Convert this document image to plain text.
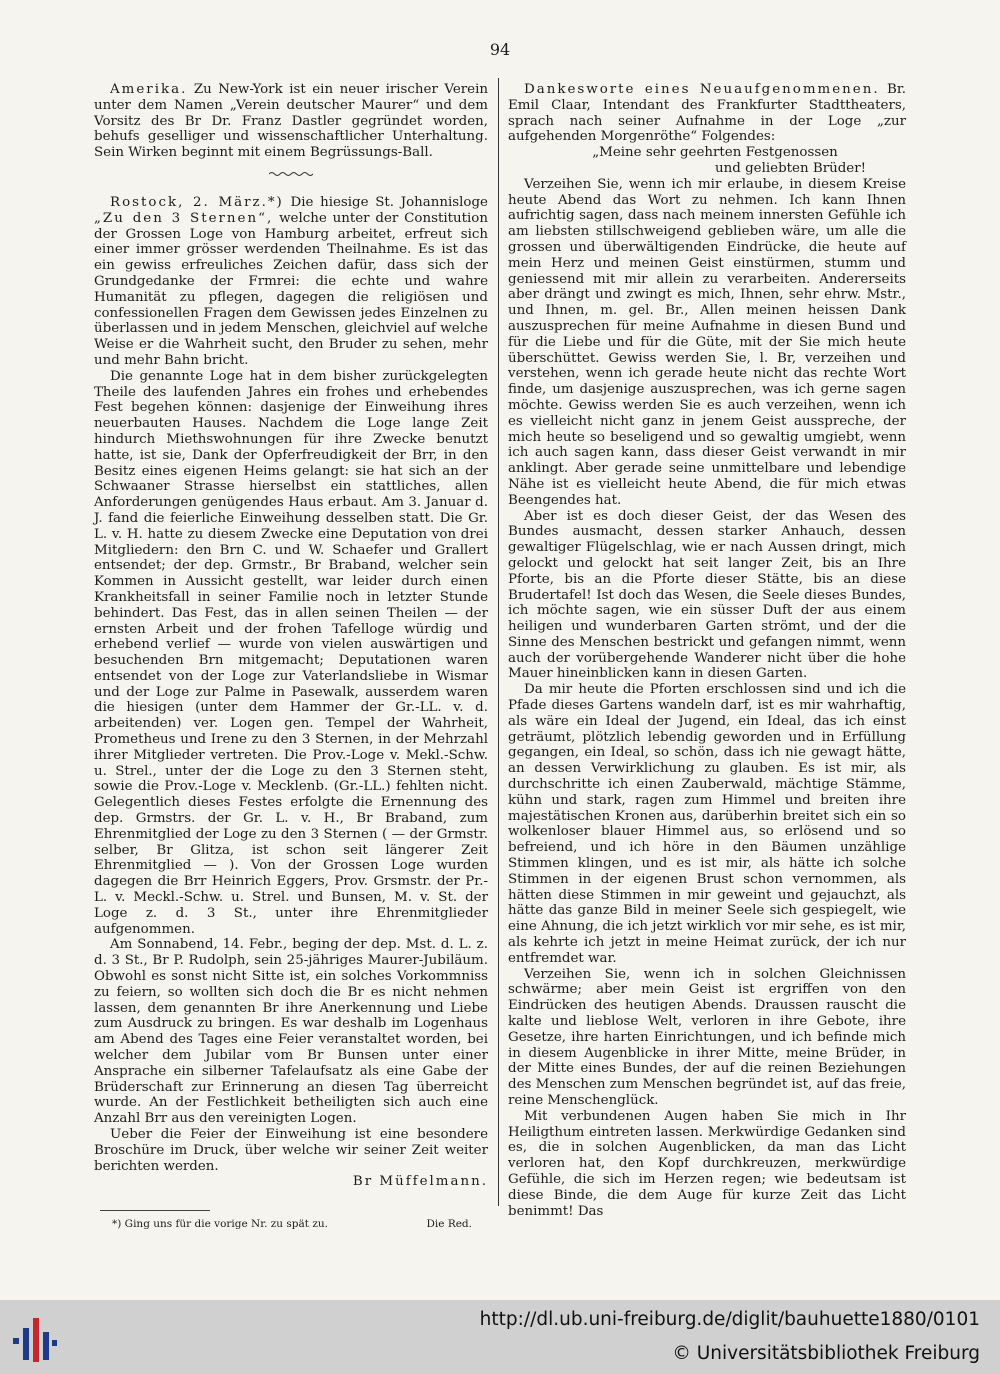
94

Amerika. Zu New-York ist ein neuer irischer Verein unter dem Namen „Verein deutscher Maurer“ und dem Vorsitz des Br Dr. Franz Dastler gegründet worden, behufs geselliger und wissenschaftlicher Unterhaltung. Sein Wirken beginnt mit einem Begrüssungs-Ball.

Rostock, 2. März.*) Die hiesige St. Johannisloge „Zu den 3 Sternen“, welche unter der Constitution der Grossen Loge von Hamburg arbeitet, erfreut sich einer immer grösser werdenden Theilnahme. Es ist das ein gewiss erfreuliches Zeichen dafür, dass sich der Grundgedanke der Frmrei: die echte und wahre Humanität zu pflegen, dagegen die religiösen und confessionellen Fragen dem Gewissen jedes Einzelnen zu überlassen und in jedem Menschen, gleichviel auf welche Weise er die Wahrheit sucht, den Bruder zu sehen, mehr und mehr Bahn bricht.

Die genannte Loge hat in dem bisher zurückgelegten Theile des laufenden Jahres ein frohes und erhebendes Fest begehen können: dasjenige der Einweihung ihres neuerbauten Hauses. Nachdem die Loge lange Zeit hindurch Miethswohnungen für ihre Zwecke benutzt hatte, ist sie, Dank der Opferfreudigkeit der Brr, in den Besitz eines eigenen Heims gelangt: sie hat sich an der Schwaaner Strasse hierselbst ein stattliches, allen Anforderungen genügendes Haus erbaut. Am 3. Januar d. J. fand die feierliche Einweihung desselben statt. Die Gr. L. v. H. hatte zu diesem Zwecke eine Deputation von drei Mitgliedern: den Brn C. und W. Schaefer und Grallert entsendet; der dep. Grmstr., Br Braband, welcher sein Kommen in Aussicht gestellt, war leider durch einen Krankheitsfall in seiner Familie noch in letzter Stunde behindert. Das Fest, das in allen seinen Theilen — der ernsten Arbeit und der frohen Tafelloge würdig und erhebend verlief — wurde von vielen auswärtigen und besuchenden Brn mitgemacht; Deputationen waren entsendet von der Loge zur Vaterlandsliebe in Wismar und der Loge zur Palme in Pasewalk, ausserdem waren die hiesigen (unter dem Hammer der Gr.-LL. v. d. arbeitenden) ver. Logen gen. Tempel der Wahrheit, Prometheus und Irene zu den 3 Sternen, in der Mehrzahl ihrer Mitglieder vertreten. Die Prov.-Loge v. Mekl.-Schw. u. Strel., unter der die Loge zu den 3 Sternen steht, sowie die Prov.-Loge v. Mecklenb. (Gr.-LL.) fehlten nicht. Gelegentlich dieses Festes erfolgte die Ernennung des dep. Grmstrs. der Gr. L. v. H., Br Braband, zum Ehrenmitglied der Loge zu den 3 Sternen ( — der Grmstr. selber, Br Glitza, ist schon seit längerer Zeit Ehrenmitglied — ). Von der Grossen Loge wurden dagegen die Brr Heinrich Eggers, Prov. Grsmstr. der Pr.-L. v. Meckl.-Schw. u. Strel. und Bunsen, M. v. St. der Loge z. d. 3 St., unter ihre Ehrenmitglieder aufgenommen.

Am Sonnabend, 14. Febr., beging der dep. Mst. d. L. z. d. 3 St., Br P. Rudolph, sein 25-jähriges Maurer-Jubiläum. Obwohl es sonst nicht Sitte ist, ein solches Vorkommniss zu feiern, so wollten sich doch die Br es nicht nehmen lassen, dem genannten Br ihre Anerkennung und Liebe zum Ausdruck zu bringen. Es war deshalb im Logenhaus am Abend des Tages eine Feier veranstaltet worden, bei welcher dem Jubilar vom Br Bunsen unter einer Ansprache ein silberner Tafelaufsatz als eine Gabe der Brüderschaft zur Erinnerung an diesen Tag überreicht wurde. An der Festlichkeit betheiligten sich auch eine Anzahl Brr aus den vereinigten Logen.

Ueber die Feier der Einweihung ist eine besondere Broschüre im Druck, über welche wir seiner Zeit weiter berichten werden.

Br Müffelmann.

Dankesworte eines Neuaufgenommenen. Br. Emil Claar, Intendant des Frankfurter Stadttheaters, sprach nach seiner Aufnahme in der Loge „zur aufgehenden Morgenröthe“ Folgendes:

„Meine sehr geehrten Festgenossen

und geliebten Brüder!

Verzeihen Sie, wenn ich mir erlaube, in diesem Kreise heute Abend das Wort zu nehmen. Ich kann Ihnen aufrichtig sagen, dass nach meinem innersten Gefühle ich am liebsten stillschweigend geblieben wäre, um alle die grossen und überwältigenden Eindrücke, die heute auf mein Herz und meinen Geist einstürmen, stumm und geniessend mit mir allein zu verarbeiten. Andererseits aber drängt und zwingt es mich, Ihnen, sehr ehrw. Mstr., und Ihnen, m. gel. Br., Allen meinen heissen Dank auszusprechen für meine Aufnahme in diesen Bund und für die Liebe und für die Güte, mit der Sie mich heute überschüttet. Gewiss werden Sie, l. Br, verzeihen und verstehen, wenn ich gerade heute nicht das rechte Wort finde, um dasjenige auszusprechen, was ich gerne sagen möchte. Gewiss werden Sie es auch verzeihen, wenn ich es vielleicht nicht ganz in jenem Geist ausspreche, der mich heute so beseligend und so gewaltig umgiebt, wenn ich auch sagen kann, dass dieser Geist verwandt in mir anklingt. Aber gerade seine unmittelbare und lebendige Nähe ist es vielleicht heute Abend, die für mich etwas Beengendes hat.

Aber ist es doch dieser Geist, der das Wesen des Bundes ausmacht, dessen starker Anhauch, dessen gewaltiger Flügelschlag, wie er nach Aussen dringt, mich gelockt und gelockt hat seit langer Zeit, bis an Ihre Pforte, bis an die Pforte dieser Stätte, bis an diese Brudertafel! Ist doch das Wesen, die Seele dieses Bundes, ich möchte sagen, wie ein süsser Duft der aus einem heiligen und wunderbaren Garten strömt, und der die Sinne des Menschen bestrickt und gefangen nimmt, wenn auch der vorübergehende Wanderer nicht über die hohe Mauer hineinblicken kann in diesen Garten.

Da mir heute die Pforten erschlossen sind und ich die Pfade dieses Gartens wandeln darf, ist es mir wahrhaftig, als wäre ein Ideal der Jugend, ein Ideal, das ich einst geträumt, plötzlich lebendig geworden und in Erfüllung gegangen, ein Ideal, so schön, dass ich nie gewagt hätte, an dessen Verwirklichung zu glauben. Es ist mir, als durchschritte ich einen Zauberwald, mächtige Stämme, kühn und stark, ragen zum Himmel und breiten ihre majestätischen Kronen aus, darüberhin breitet sich ein so wolkenloser blauer Himmel aus, so erlösend und so befreiend, und ich höre in den Bäumen unzählige Stimmen klingen, und es ist mir, als hätte ich solche Stimmen in der eigenen Brust schon vernommen, als hätten diese Stimmen in mir geweint und gejauchzt, als hätte das ganze Bild in meiner Seele sich gespiegelt, wie eine Ahnung, die ich jetzt wirklich vor mir sehe, es ist mir, als kehrte ich jetzt in meine Heimat zurück, der ich nur entfremdet war.

Verzeihen Sie, wenn ich in solchen Gleichnissen schwärme; aber mein Geist ist ergriffen von den Eindrücken des heutigen Abends. Draussen rauscht die kalte und lieblose Welt, verloren in ihre Gebote, ihre Gesetze, ihre harten Einrichtungen, und ich befinde mich in diesem Augenblicke in ihrer Mitte, meine Brüder, in der Mitte eines Bundes, der auf die reinen Beziehungen des Menschen zum Menschen begründet ist, auf das freie, reine Menschenglück.

Mit verbundenen Augen haben Sie mich in Ihr Heiligthum eintreten lassen. Merkwürdige Gedanken sind es, die in solchen Augenblicken, da man das Licht verloren hat, den Kopf durchkreuzen, merkwürdige Gefühle, die sich im Herzen regen; wie bedeutsam ist diese Binde, die dem Auge für kurze Zeit das Licht benimmt! Das

*) Ging uns für die vorige Nr. zu spät zu.	Die Red.
http://dl.ub.uni-freiburg.de/diglit/bauhuette1880/0101
© Universitätsbibliothek Freiburg
